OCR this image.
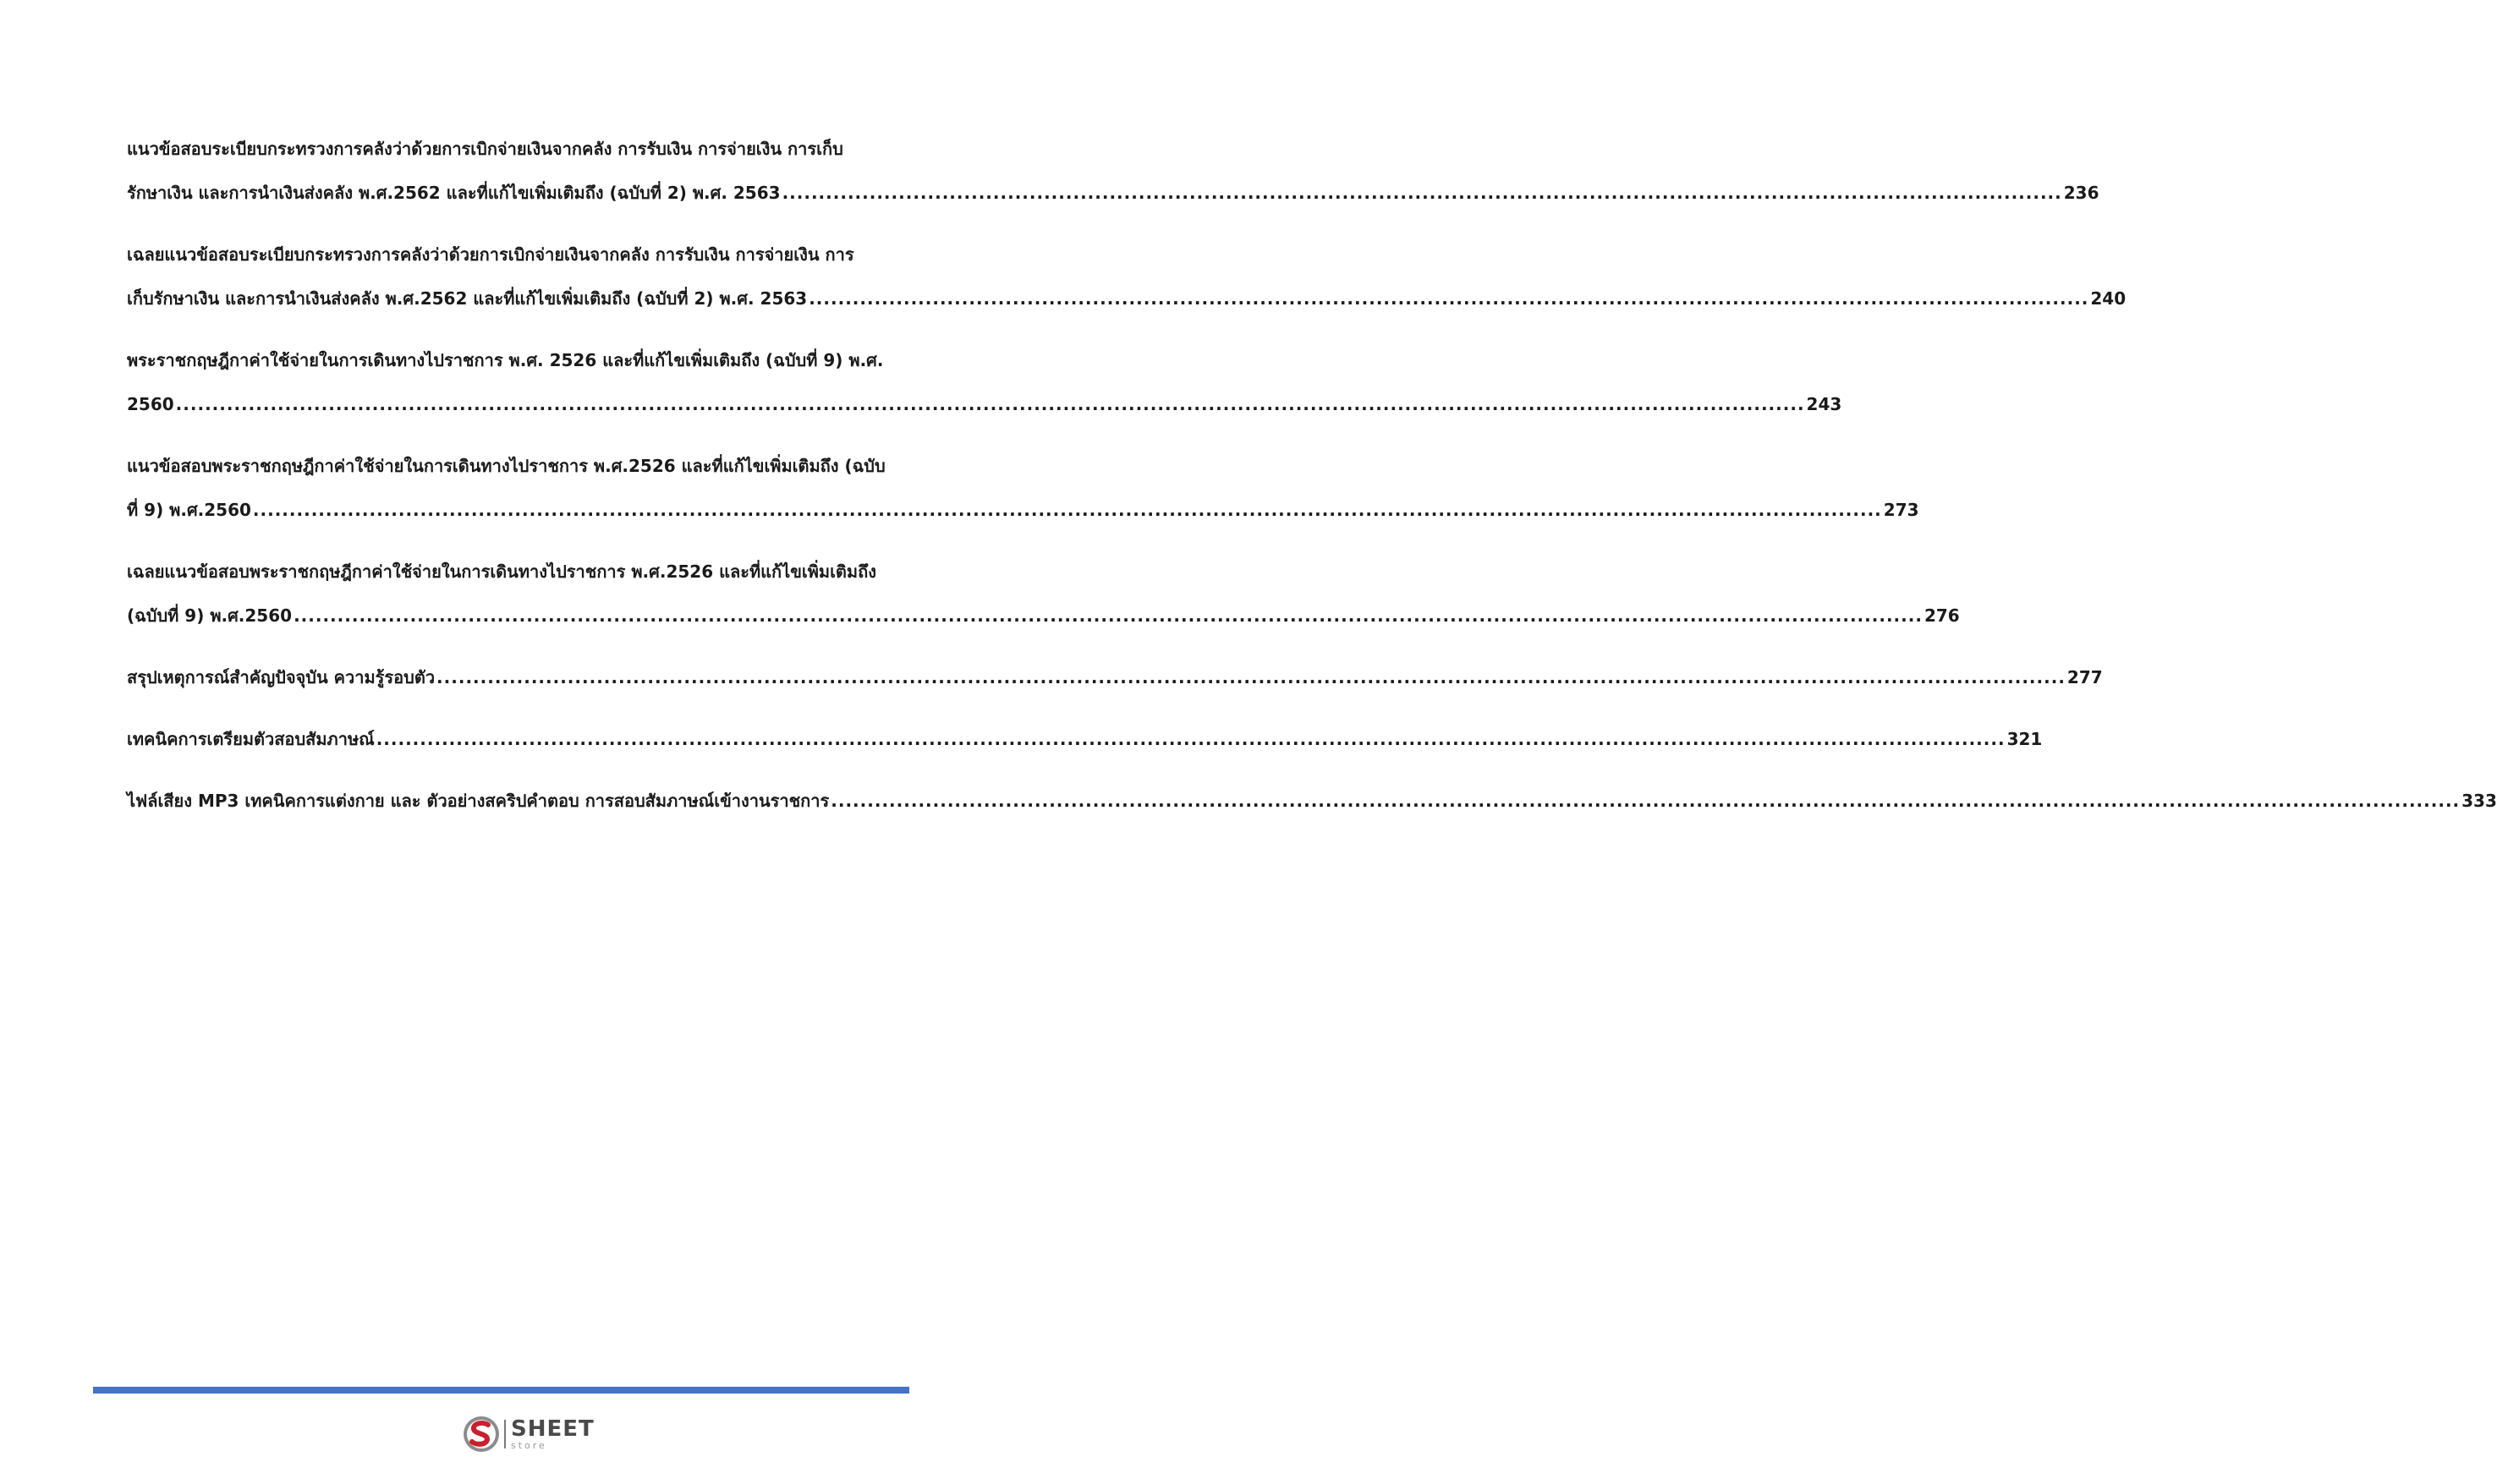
แนวข้อสอบระเบียบกระทรวงการคลังว่าด้วยการเบิกจ่ายเงินจากคลัง การรับเงิน การจ่ายเงิน การเก็บ
รักษาเงิน และการนำเงินส่งคลัง พ.ศ.2562 และที่แก้ไขเพิ่มเติมถึง (ฉบับที่ 2) พ.ศ. 2563 ................................................................................................................................................................................ 236
เฉลยแนวข้อสอบระเบียบกระทรวงการคลังว่าด้วยการเบิกจ่ายเงินจากคลัง การรับเงิน การจ่ายเงิน การ
เก็บรักษาเงิน และการนำเงินส่งคลัง พ.ศ.2562 และที่แก้ไขเพิ่มเติมถึง (ฉบับที่ 2) พ.ศ. 2563 ................................................................................................................................................................................ 240
พระราชกฤษฎีกาค่าใช้จ่ายในการเดินทางไปราชการ พ.ศ. 2526 และที่แก้ไขเพิ่มเติมถึง (ฉบับที่ 9) พ.ศ.
2560 ................................................................................................................................................................................................................................ 243
แนวข้อสอบพระราชกฤษฎีกาค่าใช้จ่ายในการเดินทางไปราชการ พ.ศ.2526 และที่แก้ไขเพิ่มเติมถึง (ฉบับ
ที่ 9) พ.ศ.2560 ................................................................................................................................................................................................................................ 273
เฉลยแนวข้อสอบพระราชกฤษฎีกาค่าใช้จ่ายในการเดินทางไปราชการ พ.ศ.2526 และที่แก้ไขเพิ่มเติมถึง
(ฉบับที่ 9) พ.ศ.2560 ................................................................................................................................................................................................................................ 276
สรุปเหตุการณ์สำคัญปัจจุบัน ความรู้รอบตัว ................................................................................................................................................................................................................................ 277
เทคนิคการเตรียมตัวสอบสัมภาษณ์ ................................................................................................................................................................................................................................ 321
ไฟล์เสียง MP3 เทคนิคการแต่งกาย และ ตัวอย่างสคริปคำตอบ การสอบสัมภาษณ์เข้างานราชการ ................................................................................................................................................................................................................................ 333
SHEET
store
